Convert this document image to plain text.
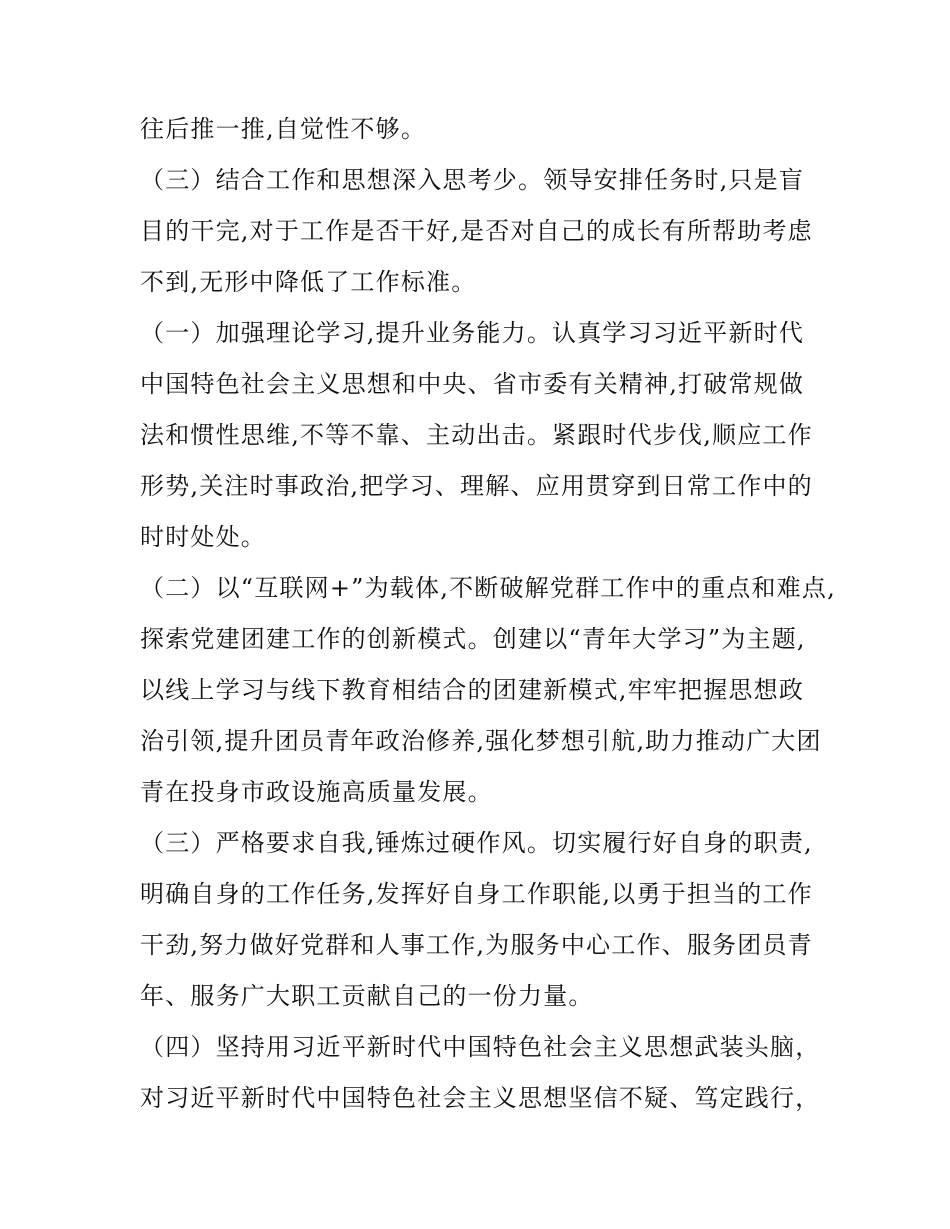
往后推一推,自觉性不够。
（三）结合工作和思想深入思考少。领导安排任务时,只是盲
目的干完,对于工作是否干好,是否对自己的成长有所帮助考虑
不到,无形中降低了工作标准。
（一）加强理论学习,提升业务能力。认真学习习近平新时代
中国特色社会主义思想和中央、省市委有关精神,打破常规做
法和惯性思维,不等不靠、主动出击。紧跟时代步伐,顺应工作
形势,关注时事政治,把学习、理解、应用贯穿到日常工作中的
时时处处。
（二）以“互联网+”为载体,不断破解党群工作中的重点和难点,
探索党建团建工作的创新模式。创建以“青年大学习”为主题,
以线上学习与线下教育相结合的团建新模式,牢牢把握思想政
治引领,提升团员青年政治修养,强化梦想引航,助力推动广大团
青在投身市政设施高质量发展。
（三）严格要求自我,锤炼过硬作风。切实履行好自身的职责,
明确自身的工作任务,发挥好自身工作职能,以勇于担当的工作
干劲,努力做好党群和人事工作,为服务中心工作、服务团员青
年、服务广大职工贡献自己的一份力量。
（四）坚持用习近平新时代中国特色社会主义思想武装头脑，
对习近平新时代中国特色社会主义思想坚信不疑、笃定践行，
